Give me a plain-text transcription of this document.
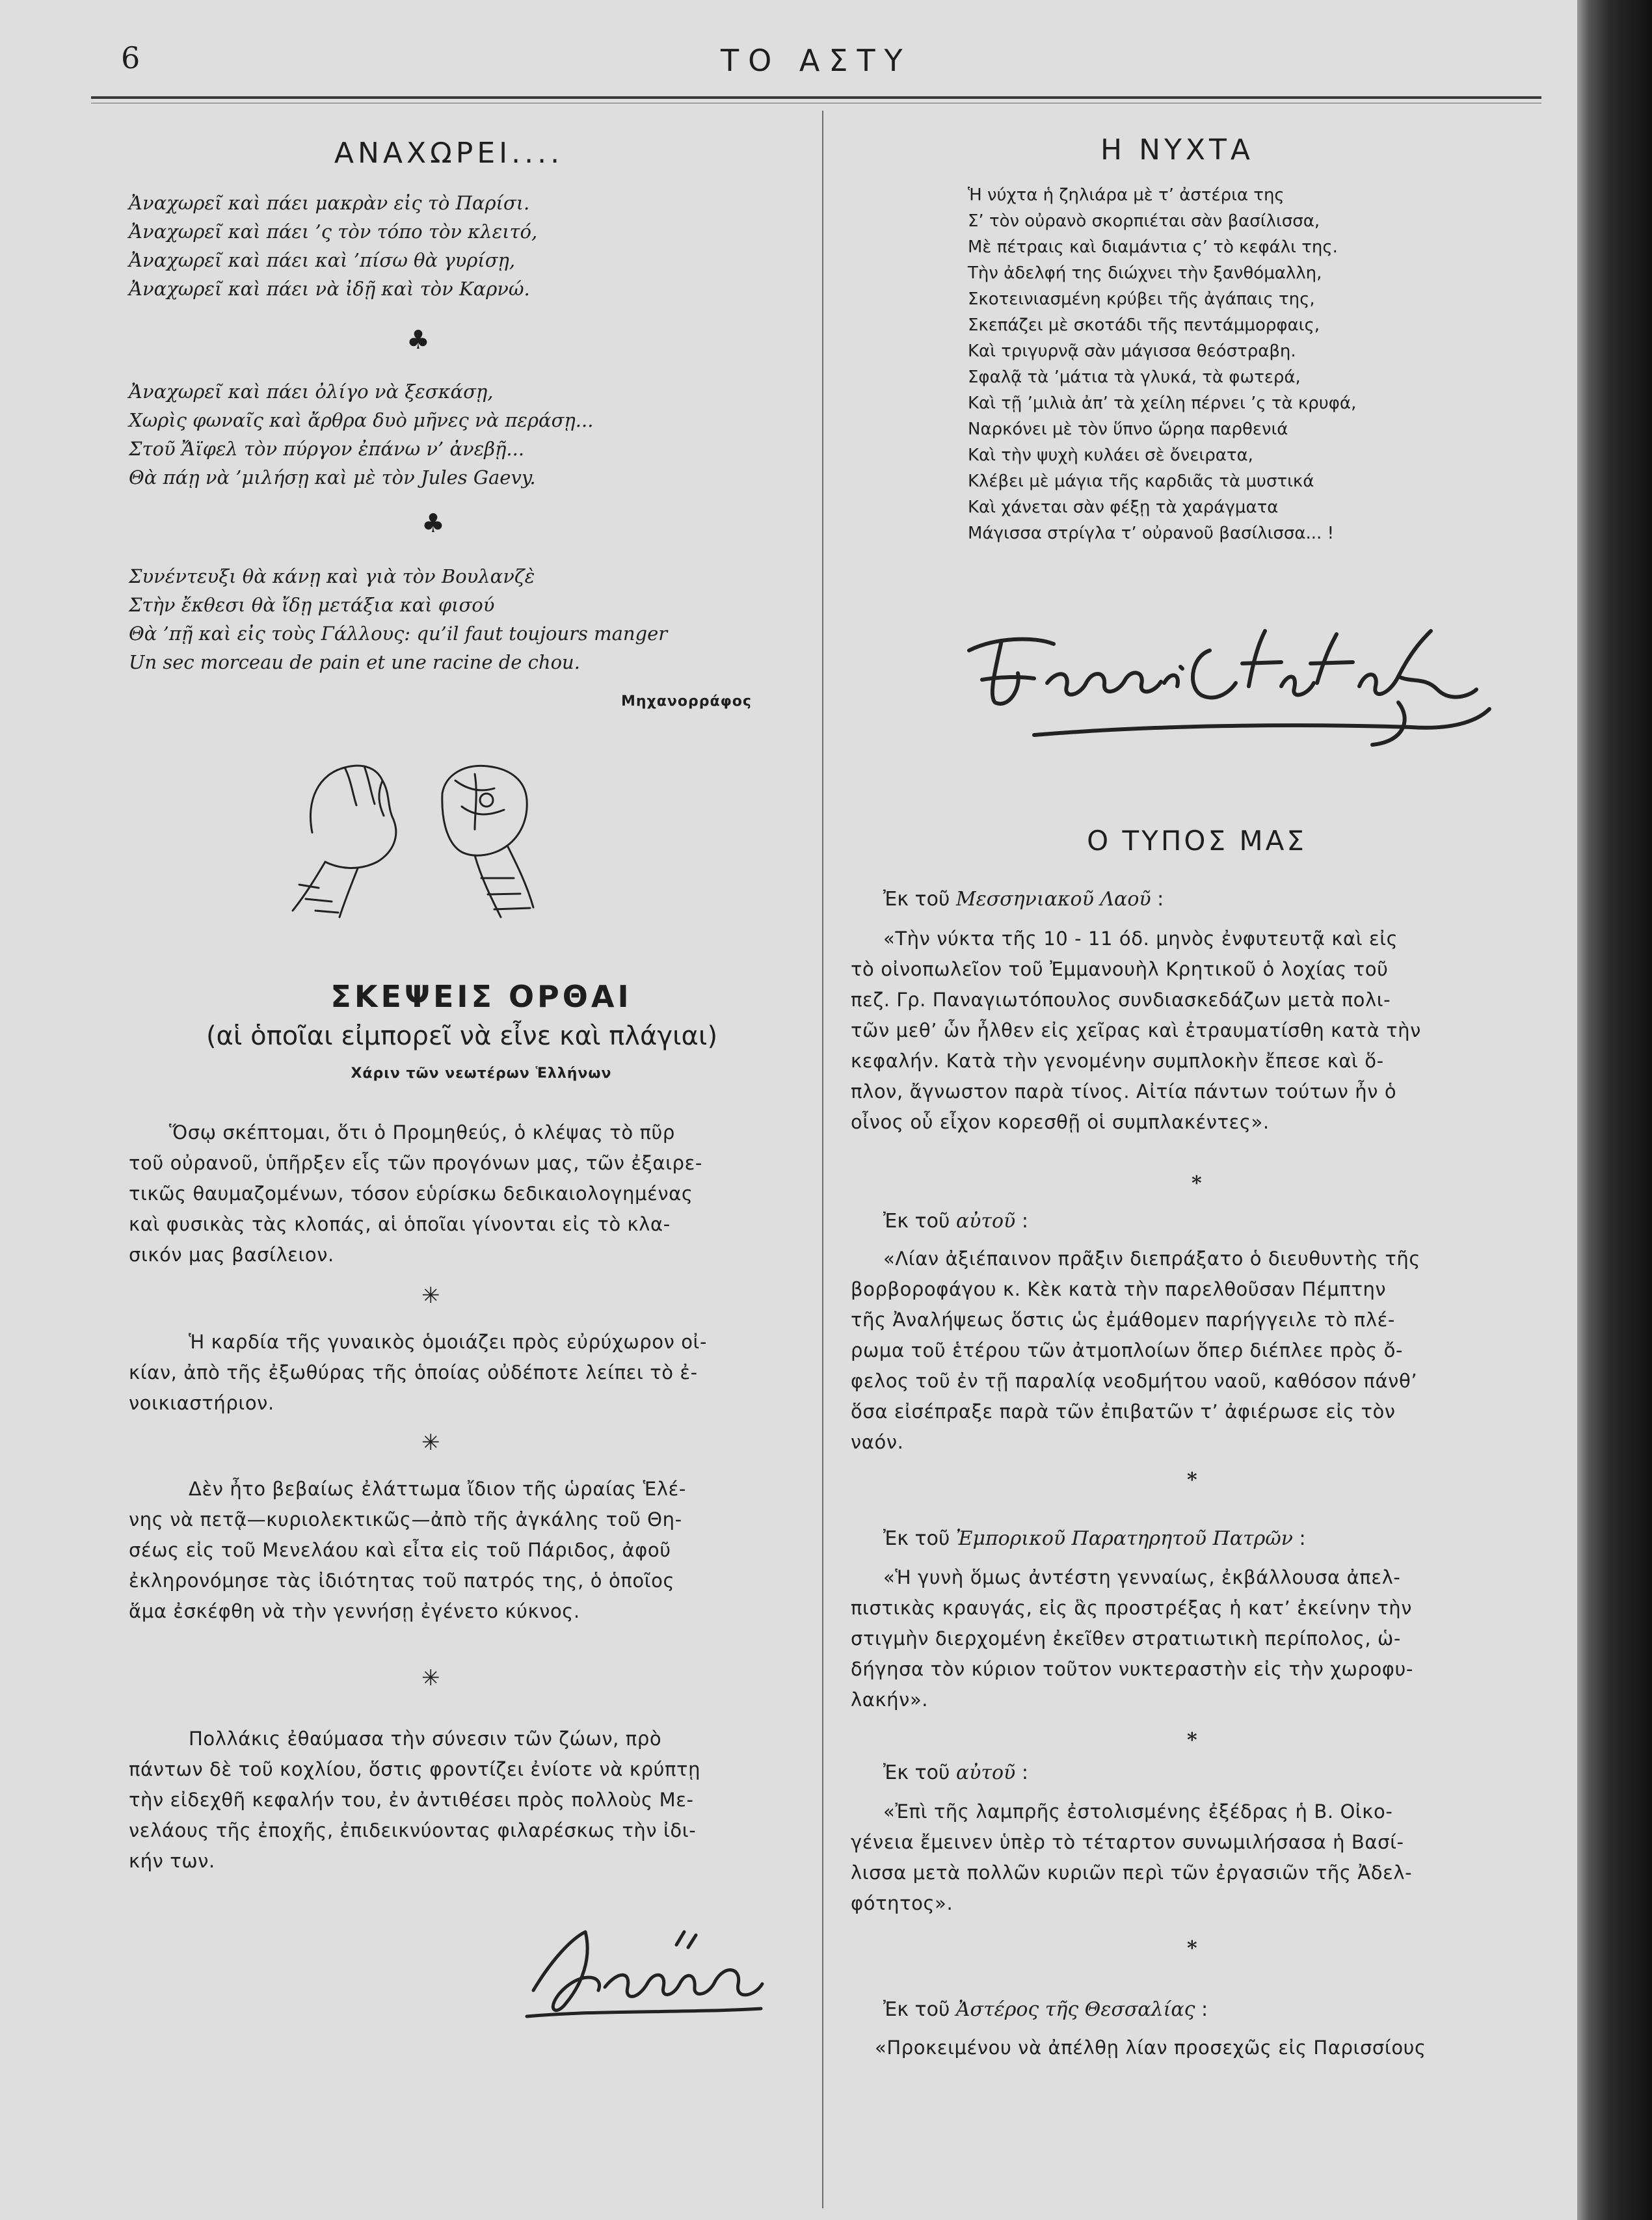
6	ΤΟ ΑΣΤΥ
ΑΝΑΧΩΡΕΙ....
Ἀναχωρεῖ καὶ πάει μακρὰν εἰς τὸ Παρίσι.
Ἀναχωρεῖ καὶ πάει ’ς τὸν τόπο τὸν κλειτό,
Ἀναχωρεῖ καὶ πάει καὶ ’πίσω θὰ γυρίσῃ,
Ἀναχωρεῖ καὶ πάει νὰ ἰδῇ καὶ τὸν Καρνώ.
♣
Ἀναχωρεῖ καὶ πάει ὀλίγο νὰ ξεσκάσῃ,
Χωρὶς φωναῖς καὶ ἄρθρα δυὸ μῆνες νὰ περάσῃ...
Στοῦ Ἄϊφελ τὸν πύργον ἐπάνω ν’ ἀνεβῇ...
Θὰ πάῃ νὰ ’μιλήσῃ καὶ μὲ τὸν Jules Gaevy.
♣
Συνέντευξι θὰ κάνῃ καὶ γιὰ τὸν Βουλανζὲ
Στὴν ἔκθεσι θὰ ἴδῃ μετάξια καὶ φισού
Θὰ ’πῇ καὶ εἰς τοὺς Γάλλους: qu’il faut toujours manger
Un sec morceau de pain et une racine de chou.
Μηχανορράφος
ΣΚΕΨΕΙΣ ΟΡΘΑΙ
(αἱ ὁποῖαι εἰμπορεῖ νὰ εἶνε καὶ πλάγιαι)
Χάριν τῶν νεωτέρων Ἑλλήνων
Ὅσῳ σκέπτομαι, ὅτι ὁ Προμηθεύς, ὁ κλέψας τὸ πῦρ
τοῦ οὐρανοῦ, ὑπῆρξεν εἷς τῶν προγόνων μας, τῶν ἐξαιρε-
τικῶς θαυμαζομένων, τόσον εὑρίσκω δεδικαιολογημένας
καὶ φυσικὰς τὰς κλοπάς, αἱ ὁποῖαι γίνονται εἰς τὸ κλα-
σικόν μας βασίλειον.
✳
Ἡ καρδία τῆς γυναικὸς ὁμοιάζει πρὸς εὐρύχωρον οἰ-
κίαν, ἀπὸ τῆς ἐξωθύρας τῆς ὁποίας οὐδέποτε λείπει τὸ ἐ-
νοικιαστήριον.
✳
Δὲν ἦτο βεβαίως ἐλάττωμα ἴδιον τῆς ὡραίας Ἑλέ-
νης νὰ πετᾷ—κυριολεκτικῶς—ἀπὸ τῆς ἀγκάλης τοῦ Θη-
σέως εἰς τοῦ Μενελάου καὶ εἶτα εἰς τοῦ Πάριδος, ἀφοῦ
ἐκληρονόμησε τὰς ἰδιότητας τοῦ πατρός της, ὁ ὁποῖος
ἅμα ἐσκέφθη νὰ τὴν γεννήσῃ ἐγένετο κύκνος.
✳
Πολλάκις ἐθαύμασα τὴν σύνεσιν τῶν ζώων, πρὸ
πάντων δὲ τοῦ κοχλίου, ὅστις φροντίζει ἐνίοτε νὰ κρύπτῃ
τὴν εἰδεχθῆ κεφαλήν του, ἐν ἀντιθέσει πρὸς πολλοὺς Με-
νελάους τῆς ἐποχῆς, ἐπιδεικνύοντας φιλαρέσκως τὴν ἰδι-
κήν των.
Η ΝΥΧΤΑ
Ἡ νύχτα ἡ ζηλιάρα μὲ τ’ ἀστέρια της
Σ’ τὸν οὐρανὸ σκορπιέται σὰν βασίλισσα,
Μὲ πέτραις καὶ διαμάντια ς’ τὸ κεφάλι της.
Τὴν ἀδελφή της διώχνει τὴν ξανθόμαλλη,
Σκοτεινιασμένη κρύβει τῆς ἀγάπαις της,
Σκεπάζει μὲ σκοτάδι τῆς πεντάμμορφαις,
Καὶ τριγυρνᾷ σὰν μάγισσα θεόστραβη.
Σφαλᾷ τὰ ’μάτια τὰ γλυκά, τὰ φωτερά,
Καὶ τῇ ’μιλιὰ ἀπ’ τὰ χείλη πέρνει ’ς τὰ κρυφά,
Ναρκόνει μὲ τὸν ὕπνο ὥρηα παρθενιά
Καὶ τὴν ψυχὴ κυλάει σὲ ὄνειρατα,
Κλέβει μὲ μάγια τῆς καρδιᾶς τὰ μυστικά
Καὶ χάνεται σὰν φέξῃ τὰ χαράγματα
Μάγισσα στρίγλα τ’ οὐρανοῦ βασίλισσα... !
Ο ΤΥΠΟΣ ΜΑΣ
Ἐκ τοῦ Μεσσηνιακοῦ Λαοῦ :
«Τὴν νύκτα τῆς 10 - 11 όδ. μηνὸς ἐνφυτευτᾷ καὶ εἰς
τὸ οἰνοπωλεῖον τοῦ Ἐμμανουὴλ Κρητικοῦ ὁ λοχίας τοῦ
πεζ. Γρ. Παναγιωτόπουλος συνδιασκεδάζων μετὰ πολι-
τῶν μεθ’ ὧν ἦλθεν εἰς χεῖρας καὶ ἐτραυματίσθη κατὰ τὴν
κεφαλήν. Κατὰ τὴν γενομένην συμπλοκὴν ἔπεσε καὶ ὅ-
πλον, ἄγνωστον παρὰ τίνος. Αἰτία πάντων τούτων ἦν ὁ
οἶνος οὗ εἶχον κορεσθῇ οἱ συμπλακέντες».
*
Ἐκ τοῦ αὐτοῦ :
«Λίαν ἀξιέπαινον πρᾶξιν διεπράξατο ὁ διευθυντὴς τῆς
βορβοροφάγου κ. Κὲκ κατὰ τὴν παρελθοῦσαν Πέμπτην
τῆς Ἀναλήψεως ὅστις ὡς ἐμάθομεν παρήγγειλε τὸ πλέ-
ρωμα τοῦ ἑτέρου τῶν ἀτμοπλοίων ὅπερ διέπλεε πρὸς ὄ-
φελος τοῦ ἐν τῇ παραλίᾳ νεοδμήτου ναοῦ, καθόσον πάνθ’
ὅσα εἰσέπραξε παρὰ τῶν ἐπιβατῶν τ’ ἀφιέρωσε εἰς τὸν
ναόν.
*
Ἐκ τοῦ Ἐμπορικοῦ Παρατηρητοῦ Πατρῶν :
«Ἡ γυνὴ ὅμως ἀντέστη γενναίως, ἐκβάλλουσα ἀπελ-
πιστικὰς κραυγάς, εἰς ἃς προστρέξας ἡ κατ’ ἐκείνην τὴν
στιγμὴν διερχομένη ἐκεῖθεν στρατιωτικὴ περίπολος, ὡ-
δήγησα τὸν κύριον τοῦτον νυκτεραστὴν εἰς τὴν χωροφυ-
λακήν».
*
Ἐκ τοῦ αὐτοῦ :
«Ἐπὶ τῆς λαμπρῆς ἐστολισμένης ἐξέδρας ἡ Β. Οἰκο-
γένεια ἔμεινεν ὑπὲρ τὸ τέταρτον συνωμιλήσασα ἡ Βασί-
λισσα μετὰ πολλῶν κυριῶν περὶ τῶν ἐργασιῶν τῆς Ἀδελ-
φότητος».
*
Ἐκ τοῦ Ἀστέρος τῆς Θεσσαλίας :
«Προκειμένου νὰ ἀπέλθῃ λίαν προσεχῶς εἰς Παρισσίους
